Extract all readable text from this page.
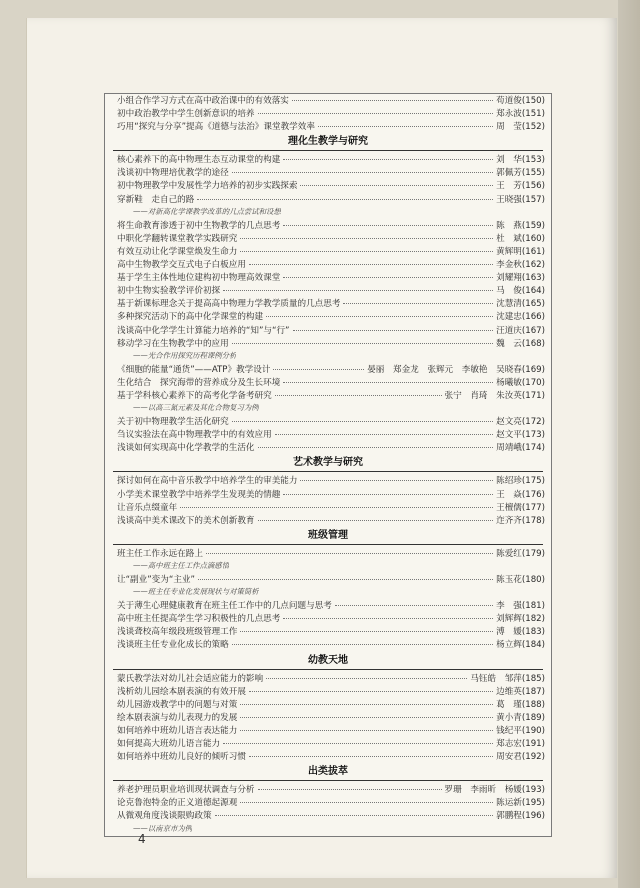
小组合作学习方式在高中政治课中的有效落实	苟道俊(150)
初中政治教学中学生创新意识的培养	郑永波(151)
巧用“探究与分享”提高《道德与法治》课堂教学效率	周　莹(152)
理化生教学与研究
核心素养下的高中物理生态互动课堂的构建	刘　华(153)
浅谈初中物理培优教学的途径	郭佩芳(155)
初中物理教学中发展性学力培养的初步实践探索	王　芳(156)
穿新鞋　走自己的路	王晓强(157)
——对新高化学课教学改革的几点尝试和设想
将生命教育渗透于初中生物教学的几点思考	陈　燕(159)
中职化学翻转课堂教学实践研究	杜　斌(160)
有效互动让化学课堂焕发生命力	黄辉明(161)
高中生物教学交互式电子白板应用	李金秋(162)
基于学生主体性地位建构初中物理高效课堂	刘耀翔(163)
初中生物实验教学评价初探	马　俊(164)
基于新课标理念关于提高高中物理力学教学质量的几点思考	沈慧清(165)
多种探究活动下的高中化学课堂的构建	沈建忠(166)
浅谈高中化学学生计算能力培养的“知”与“行”	汪道庆(167)
移动学习在生物教学中的应用	魏　云(168)
——光合作用探究历程课例分析
《细胞的能量“通货”——ATP》教学设计	晏丽　郑金龙　张辉元　李敏艳　吴晓春(169)
生化结合　探究海带的营养成分及生长环境	杨曦敏(170)
基于学科核心素养下的高考化学备考研究	张宁　肖琦　朱汝英(171)
——以高三氮元素及其化合物复习为例
关于初中物理教学生活化研究	赵文亮(172)
刍议实验法在高中物理教学中的有效应用	赵文平(173)
浅谈如何实现高中化学教学的生活化	周靖峨(174)
艺术教学与研究
探讨如何在高中音乐教学中培养学生的审美能力	陈绍珍(175)
小学美术课堂教学中培养学生发现美的情趣	王　焱(176)
让音乐点缀童年	王檀儒(177)
浅谈高中美术课改下的美术创新教育	迮齐齐(178)
班级管理
班主任工作永远在路上	陈爱红(179)
——高中班主任工作点滴感悟
让“副业”变为“主业”	陈玉花(180)
——班主任专业化发展现状与对策简析
关于薄生心理健康教育在班主任工作中的几点问题与思考	李　强(181)
高中班主任提高学生学习积极性的几点思考	刘辉辉(182)
浅谈聋校高年级段班级管理工作	溥　媛(183)
浅谈班主任专业化成长的策略	杨立辉(184)
幼教天地
蒙氏教学法对幼儿社会适应能力的影响	马钰皓　邹萍(185)
浅析幼儿园绘本剧表演的有效开展	边维英(187)
幼儿园游戏教学中的问题与对策	葛　瑾(188)
绘本剧表演与幼儿表现力的发展	黄小青(189)
如何培养中班幼儿语言表达能力	钱纪平(190)
如何提高大班幼儿语言能力	郑志宏(191)
如何培养中班幼儿良好的倾听习惯	周安君(192)
出类拔萃
养老护理员职业培训现状调查与分析	罗珊　李雨昕　杨媛(193)
论克鲁泡特金的正义道德起源观	陈运新(195)
从微观角度浅谈限购政策	郭鹏程(196)
——以南京市为例
4
